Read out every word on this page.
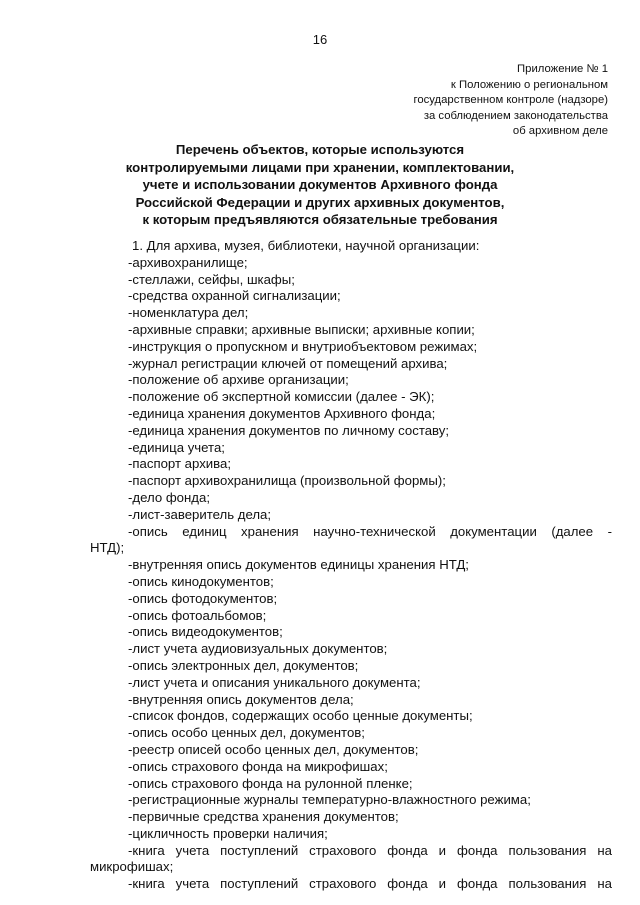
16
Приложение № 1
к Положению о региональном
государственном контроле (надзоре)
за соблюдением законодательства
об архивном деле
Перечень объектов, которые используются
контролируемыми лицами при хранении, комплектовании,
учете и использовании документов Архивного фонда
Российской Федерации и других архивных документов,
к которым предъявляются обязательные требования
1. Для архива, музея, библиотеки, научной организации:
-архивохранилище;
-стеллажи, сейфы, шкафы;
-средства охранной сигнализации;
-номенклатура дел;
-архивные справки; архивные выписки; архивные копии;
-инструкция о пропускном и внутриобъектовом режимах;
-журнал регистрации ключей от помещений архива;
-положение об архиве организации;
-положение об экспертной комиссии (далее - ЭК);
-единица хранения документов Архивного фонда;
-единица хранения документов по личному составу;
-единица учета;
-паспорт архива;
-паспорт архивохранилища (произвольной формы);
-дело фонда;
-лист-заверитель дела;
-опись единиц хранения научно-технической документации (далее -
НТД);
-внутренняя опись документов единицы хранения НТД;
-опись кинодокументов;
-опись фотодокументов;
-опись фотоальбомов;
-опись видеодокументов;
-лист учета аудиовизуальных документов;
-опись электронных дел, документов;
-лист учета и описания уникального документа;
-внутренняя опись документов дела;
-список фондов, содержащих особо ценные документы;
-опись особо ценных дел, документов;
-реестр описей особо ценных дел, документов;
-опись страхового фонда на микрофишах;
-опись страхового фонда на рулонной пленке;
-регистрационные журналы температурно-влажностного режима;
-первичные средства хранения документов;
-цикличность проверки наличия;
-книга учета поступлений страхового фонда и фонда пользования на
микрофишах;
-книга учета поступлений страхового фонда и фонда пользования на
